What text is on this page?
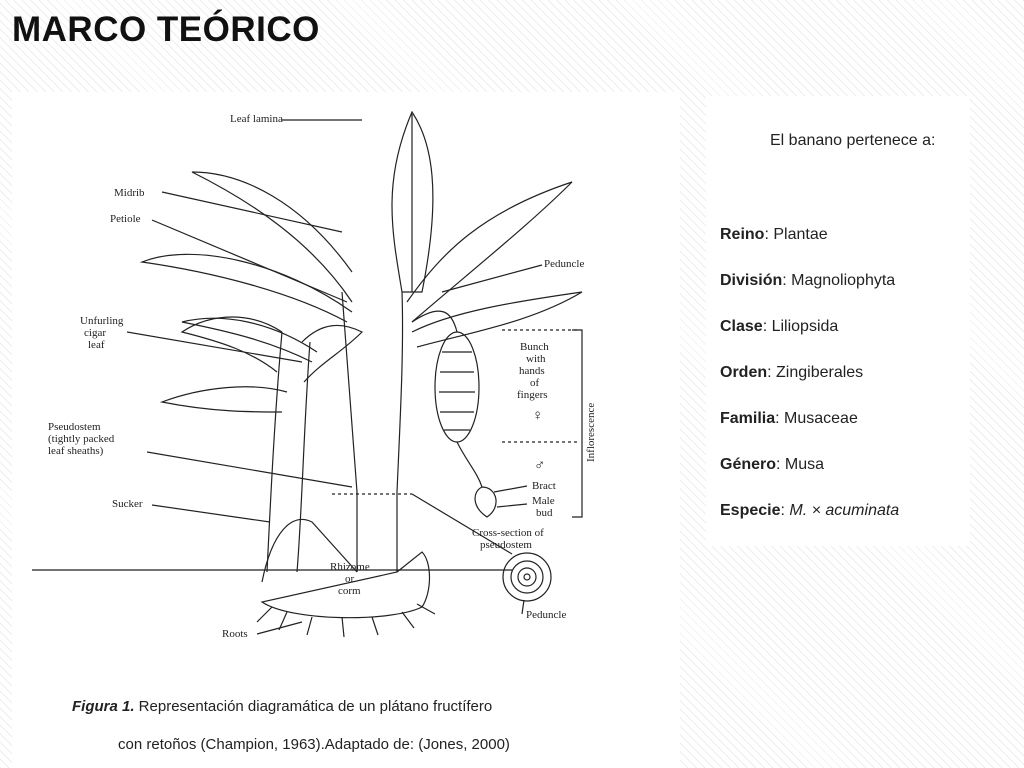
MARCO TEÓRICO
Leaf lamina
Midrib
Petiole
Peduncle
Unfurling
cigar
leaf
Pseudostem
(tightly packed
leaf sheaths)
Sucker
Bunch
with
hands
of
fingers
♀
♂
Inflorescence
Bract
Male
bud
Cross-section of
pseudostem
Rhizome
or
corm
Peduncle
Roots
Figura 1. Representación diagramática de un plátano fructífero
con retoños (Champion, 1963).Adaptado de: (Jones, 2000)
El banano pertenece a:
Reino: Plantae
División: Magnoliophyta
Clase: Liliopsida
Orden: Zingiberales
Familia: Musaceae
Género: Musa
Especie: M. × acuminata
